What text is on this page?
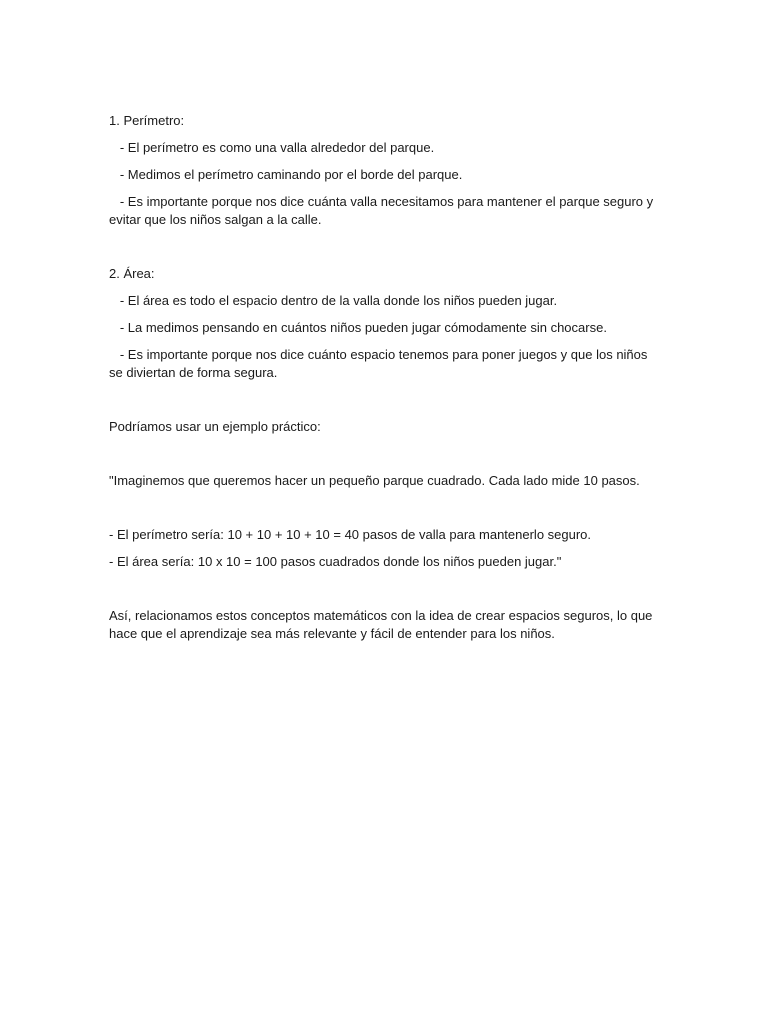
1. Perímetro:

- El perímetro es como una valla alrededor del parque.

- Medimos el perímetro caminando por el borde del parque.

- Es importante porque nos dice cuánta valla necesitamos para mantener el parque seguro y evitar que los niños salgan a la calle.

2. Área:

- El área es todo el espacio dentro de la valla donde los niños pueden jugar.

- La medimos pensando en cuántos niños pueden jugar cómodamente sin chocarse.

- Es importante porque nos dice cuánto espacio tenemos para poner juegos y que los niños se diviertan de forma segura.

Podríamos usar un ejemplo práctico:

"Imaginemos que queremos hacer un pequeño parque cuadrado. Cada lado mide 10 pasos.

- El perímetro sería: 10 + 10 + 10 + 10 = 40 pasos de valla para mantenerlo seguro.

- El área sería: 10 x 10 = 100 pasos cuadrados donde los niños pueden jugar."

Así, relacionamos estos conceptos matemáticos con la idea de crear espacios seguros, lo que hace que el aprendizaje sea más relevante y fácil de entender para los niños.
